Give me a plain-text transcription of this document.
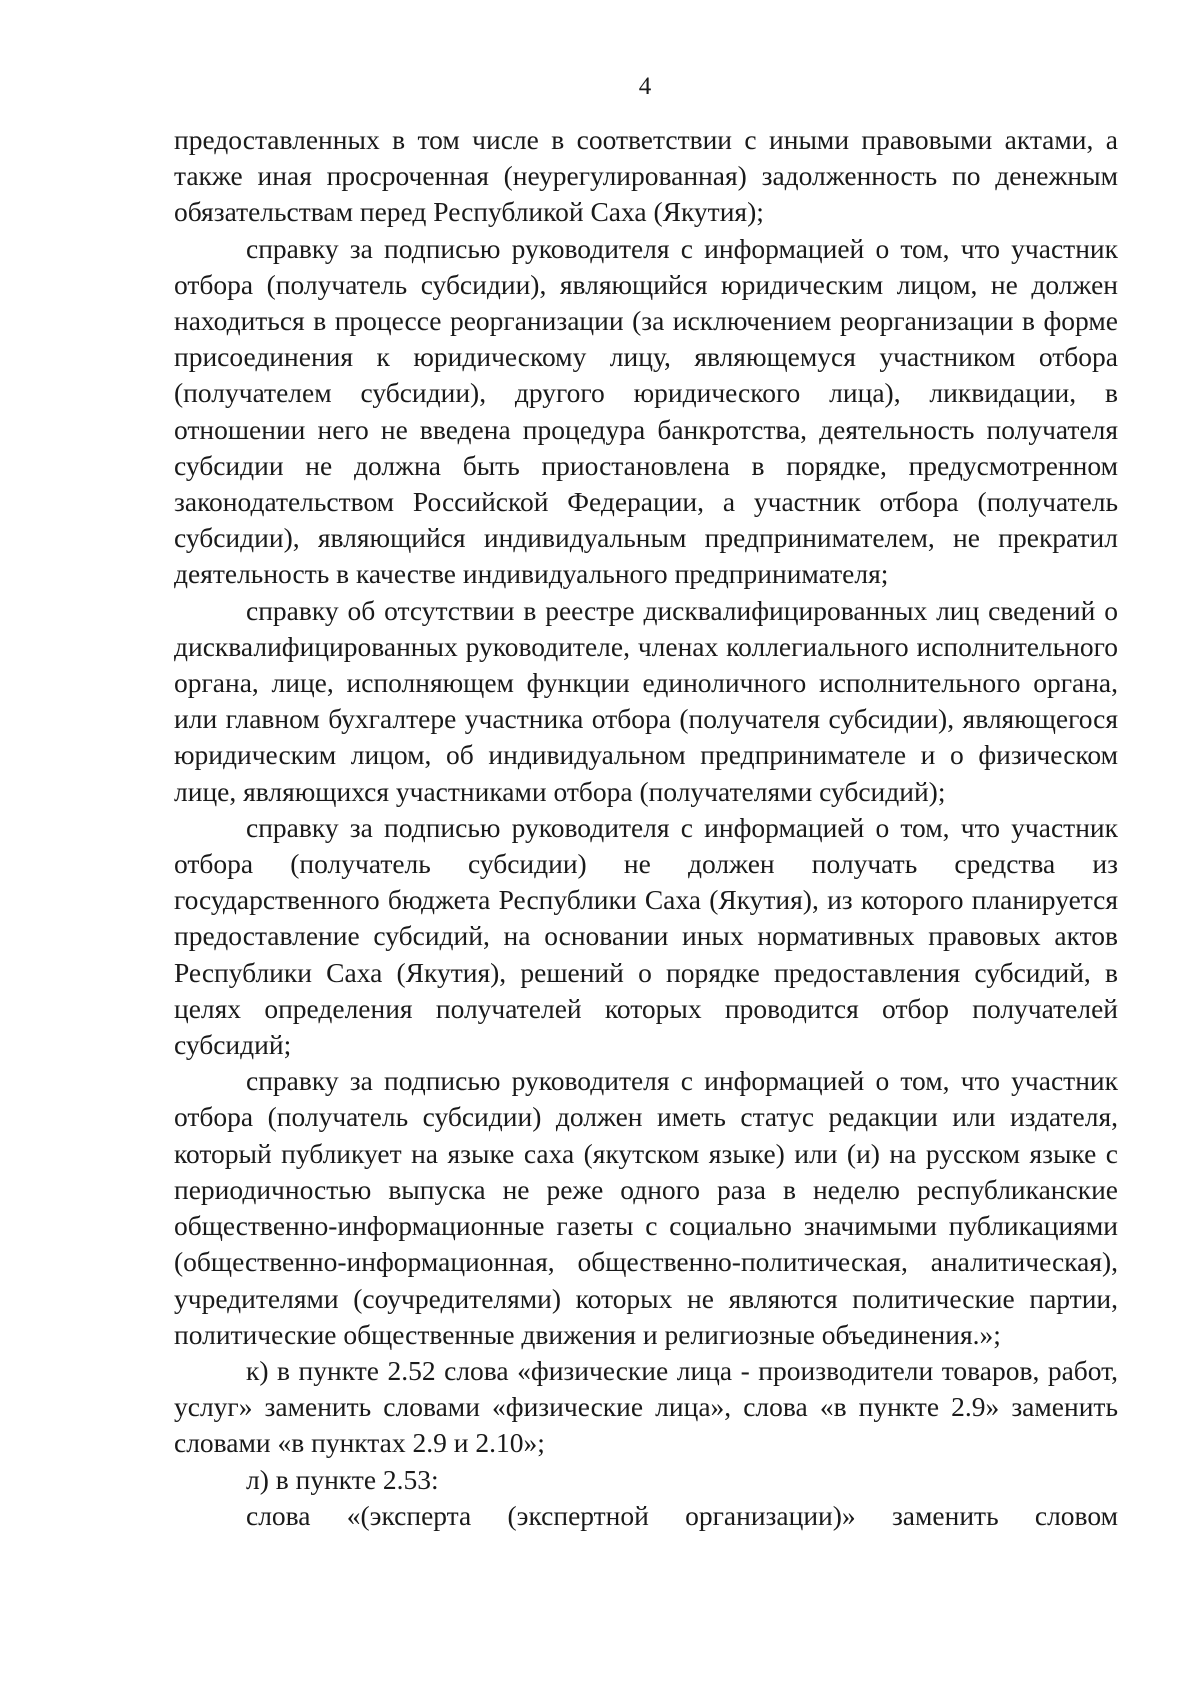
4

предоставленных в том числе в соответствии с иными правовыми актами, а также иная просроченная (неурегулированная) задолженность по денежным обязательствам перед Республикой Саха (Якутия);

справку за подписью руководителя с информацией о том, что участник отбора (получатель субсидии), являющийся юридическим лицом, не должен находиться в процессе реорганизации (за исключением реорганизации в форме присоединения к юридическому лицу, являющемуся участником отбора (получателем субсидии), другого юридического лица), ликвидации, в отношении него не введена процедура банкротства, деятельность получателя субсидии не должна быть приостановлена в порядке, предусмотренном законодательством Российской Федерации, а участник отбора (получатель субсидии), являющийся индивидуальным предпринимателем, не прекратил деятельность в качестве индивидуального предпринимателя;

справку об отсутствии в реестре дисквалифицированных лиц сведений о дисквалифицированных руководителе, членах коллегиального исполнительного органа, лице, исполняющем функции единоличного исполнительного органа, или главном бухгалтере участника отбора (получателя субсидии), являющегося юридическим лицом, об индивидуальном предпринимателе и о физическом лице, являющихся участниками отбора (получателями субсидий);

справку за подписью руководителя с информацией о том, что участник отбора (получатель субсидии) не должен получать средства из государственного бюджета Республики Саха (Якутия), из которого планируется предоставление субсидий, на основании иных нормативных правовых актов Республики Саха (Якутия), решений о порядке предоставления субсидий, в целях определения получателей которых проводится отбор получателей субсидий;

справку за подписью руководителя с информацией о том, что участник отбора (получатель субсидии) должен иметь статус редакции или издателя, который публикует на языке саха (якутском языке) или (и) на русском языке с периодичностью выпуска не реже одного раза в неделю республиканские общественно-информационные газеты с социально значимыми публикациями (общественно-информационная, общественно-политическая, аналитическая), учредителями (соучредителями) которых не являются политические партии, политические общественные движения и религиозные объединения.»;

к) в пункте 2.52 слова «физические лица - производители товаров, работ, услуг» заменить словами «физические лица», слова «в пункте 2.9» заменить словами «в пунктах 2.9 и 2.10»;

л) в пункте 2.53:

слова «(эксперта (экспертной организации)» заменить словом
